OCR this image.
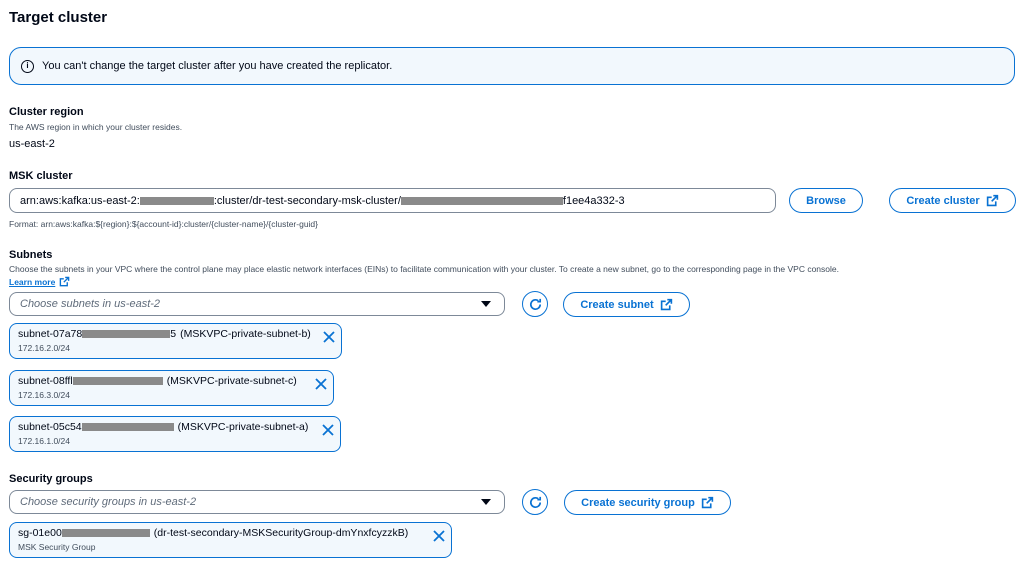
Target cluster
i	You can't change the target cluster after you have created the replicator.
Cluster region
The AWS region in which your cluster resides.
us-east-2
MSK cluster
arn:aws:kafka:us-east-2:	:cluster/dr-test-secondary-msk-cluster/	f1ee4a332-3	Browse	Create cluster
Format: arn:aws:kafka:${region}:${account-id}:cluster/{cluster-name}/{cluster-guid}
Subnets
Choose the subnets in your VPC where the control plane may place elastic network interfaces (EINs) to facilitate communication with your cluster. To create a new subnet, go to the corresponding page in the VPC console.
Learn more
Choose subnets in us-east-2	Create subnet
subnet-07a78	5 (MSKVPC-private-subnet-b)
172.16.2.0/24
subnet-08ffl	(MSKVPC-private-subnet-c)
172.16.3.0/24
subnet-05c54	(MSKVPC-private-subnet-a)
172.16.1.0/24
Security groups
Choose security groups in us-east-2	Create security group
sg-01e00	(dr-test-secondary-MSKSecurityGroup-dmYnxfcyzzkB)
MSK Security Group
